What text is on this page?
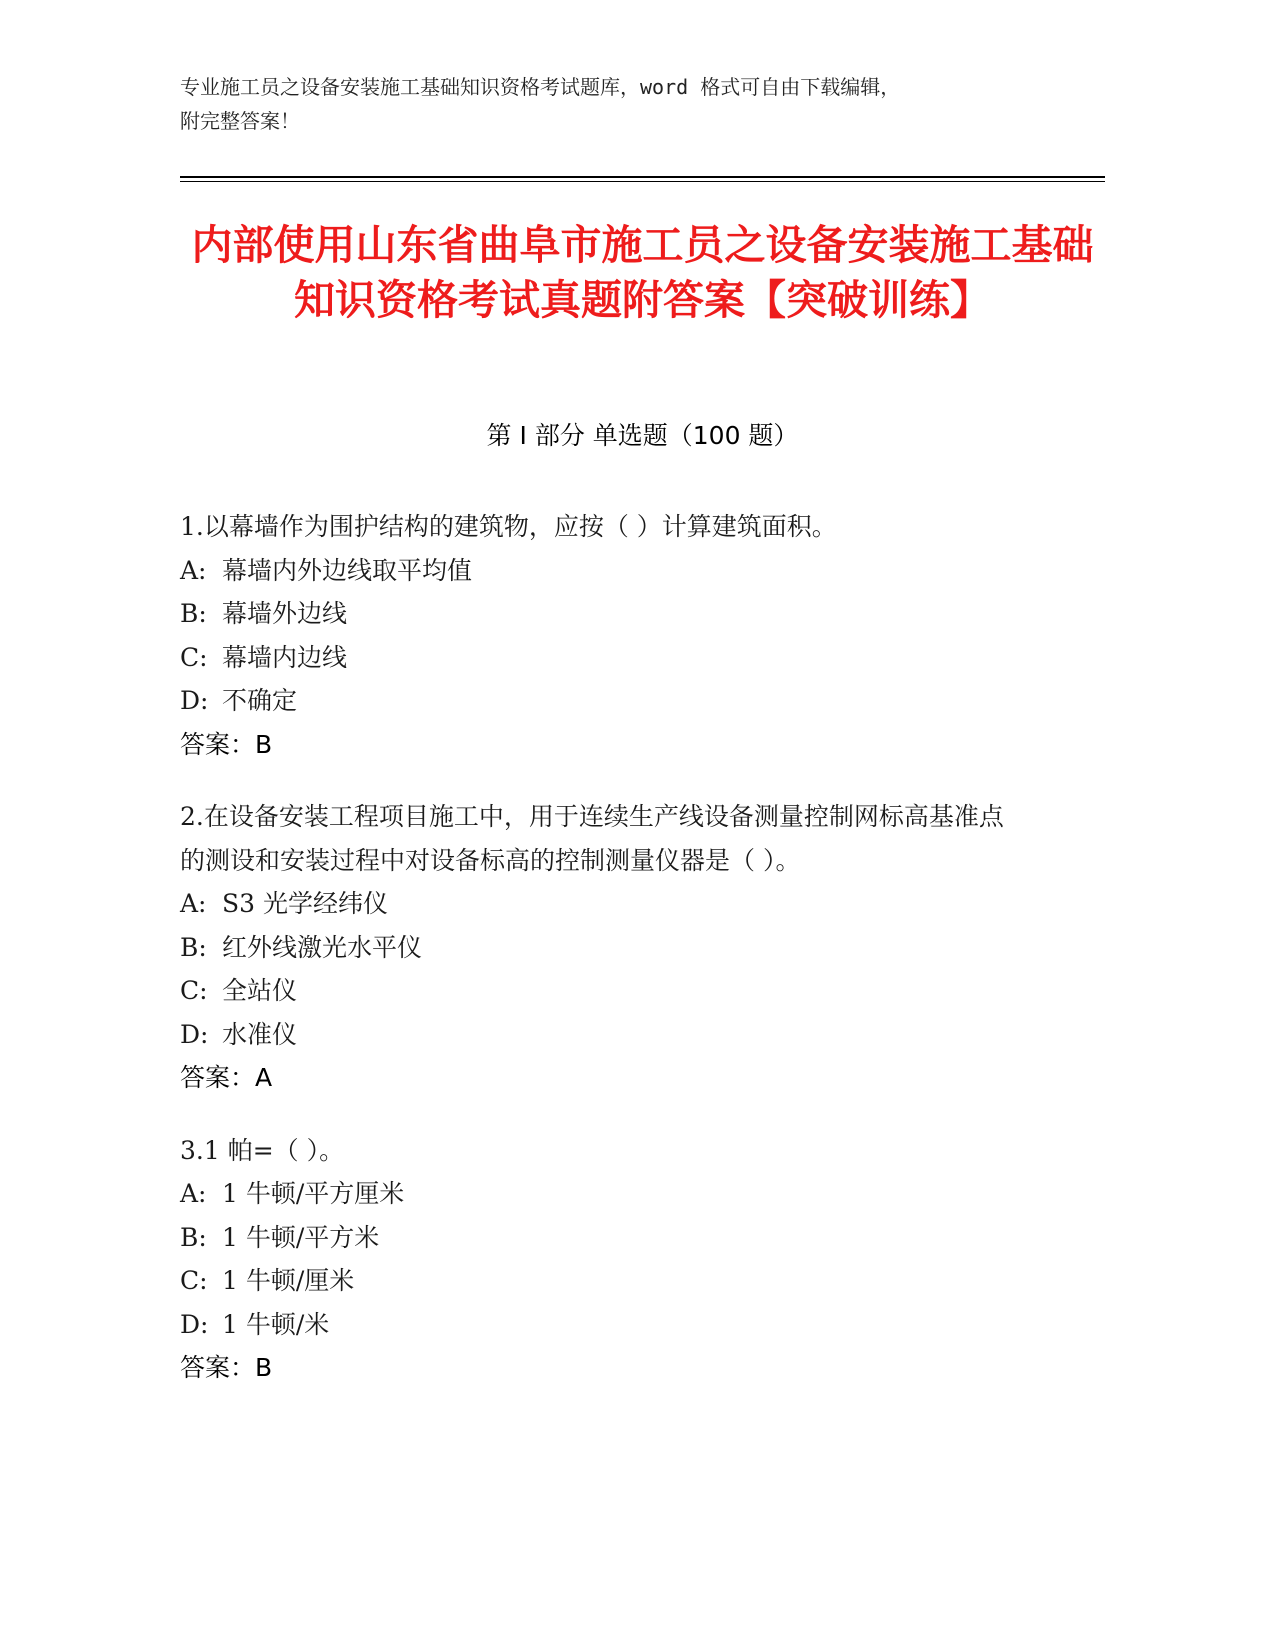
专业施工员之设备安装施工基础知识资格考试题库，word 格式可自由下载编辑，
附完整答案！
内部使用山东省曲阜市施工员之设备安装施工基础知识资格考试真题附答案【突破训练】
第 I 部分 单选题（100 题）
1.以幕墙作为围护结构的建筑物，应按（ ）计算建筑面积。
A: 幕墙内外边线取平均值
B: 幕墙外边线
C: 幕墙内边线
D: 不确定
答案：B
2.在设备安装工程项目施工中，用于连续生产线设备测量控制网标高基准点的测设和安装过程中对设备标高的控制测量仪器是（ ）。
A: S3 光学经纬仪
B: 红外线激光水平仪
C: 全站仪
D: 水准仪
答案：A
3.1 帕=（ ）。
A: 1 牛顿/平方厘米
B: 1 牛顿/平方米
C: 1 牛顿/厘米
D: 1 牛顿/米
答案：B
